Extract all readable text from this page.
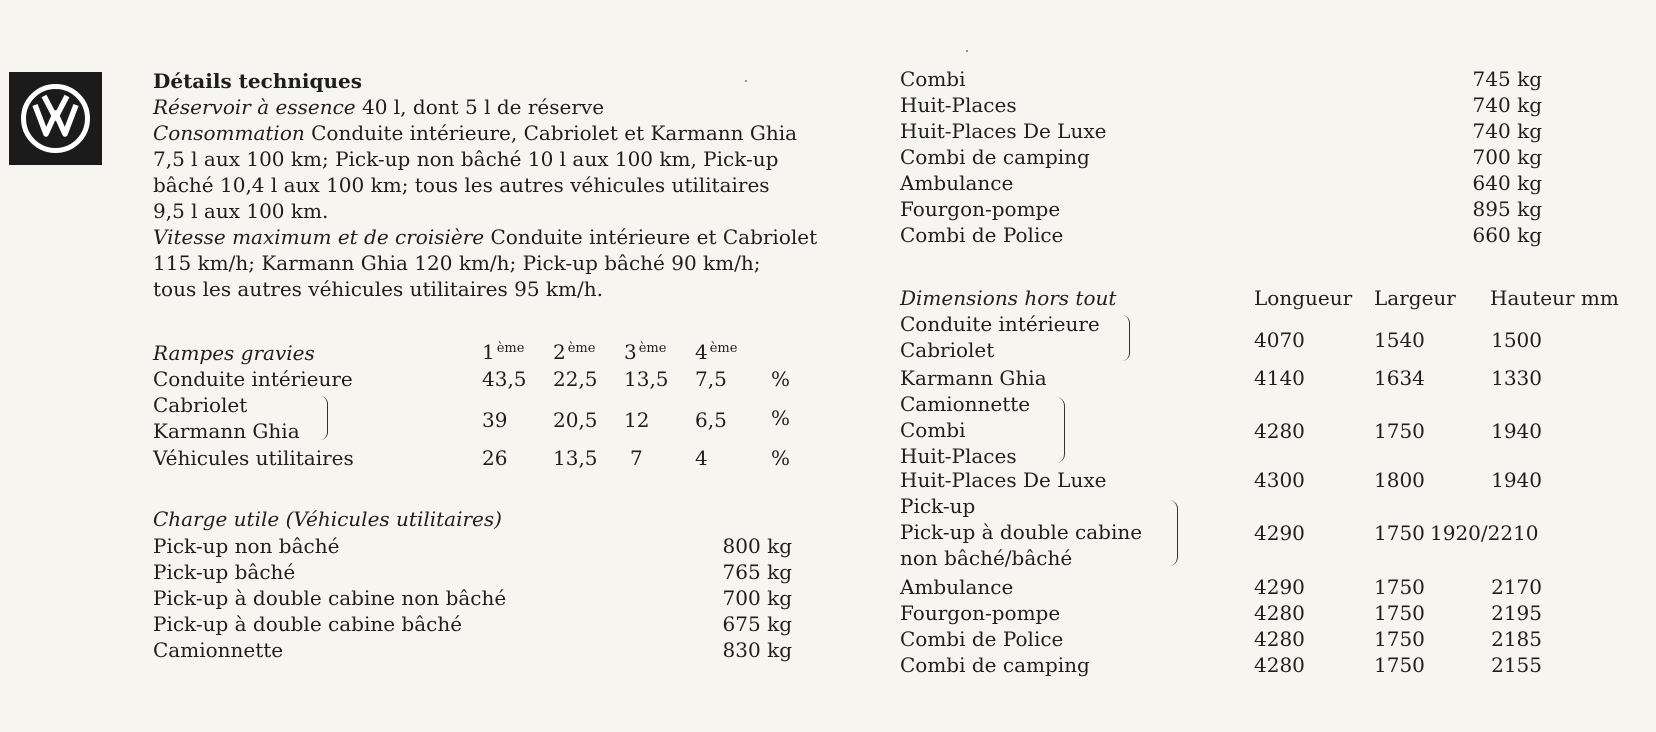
Détails techniques
Réservoir à essence 40 l, dont 5 l de réserve
Consommation Conduite intérieure, Cabriolet et Karmann Ghia
7,5 l aux 100 km; Pick-up non bâché 10 l aux 100 km, Pick-up
bâché 10,4 l aux 100 km; tous les autres véhicules utilitaires
9,5 l aux 100 km.
Vitesse maximum et de croisière Conduite intérieure et Cabriolet
115 km/h; Karmann Ghia 120 km/h; Pick-up bâché 90 km/h;
tous les autres véhicules utilitaires 95 km/h.
Rampes gravies	1 $^{ème}$ 2 $^{ème}$ 3 $^{ème}$ 4 $^{ème}$
Conduite intérieure	43,5 22,5 13,5 7,5 %
Cabriolet
Karmann Ghia	39 20,5 12 6,5 %
Véhicules utilitaires	26 13,5 7	4	%
Charge utile (Véhicules utilitaires)
Pick-up non bâché	800 kg
Pick-up bâché	765 kg
Pick-up à double cabine non bâché	700 kg
Pick-up à double cabine bâché	675 kg
Camionnette	830 kg
Combi	745 kg
Huit-Places	740 kg
Huit-Places De Luxe	740 kg
Combi de camping	700 kg
Ambulance	640 kg
Fourgon-pompe	895 kg
Combi de Police	660 kg
Dimensions hors tout	Longueur Largeur Hauteur mm
Conduite intérieure
Cabriolet	4070	1540	1500
Karmann Ghia	4140	1634	1330
Camionnette
Combi
Huit-Places
4280	1750	1940
Huit-Places De Luxe	4300	1800	1940
Pick-up
Pick-up à double cabine
non bâché/bâché
4290	1750 1920/2210
Ambulance	4290	1750	2170
Fourgon-pompe	4280	1750	2195
Combi de Police	4280	1750	2185
Combi de camping	4280	1750	2155
